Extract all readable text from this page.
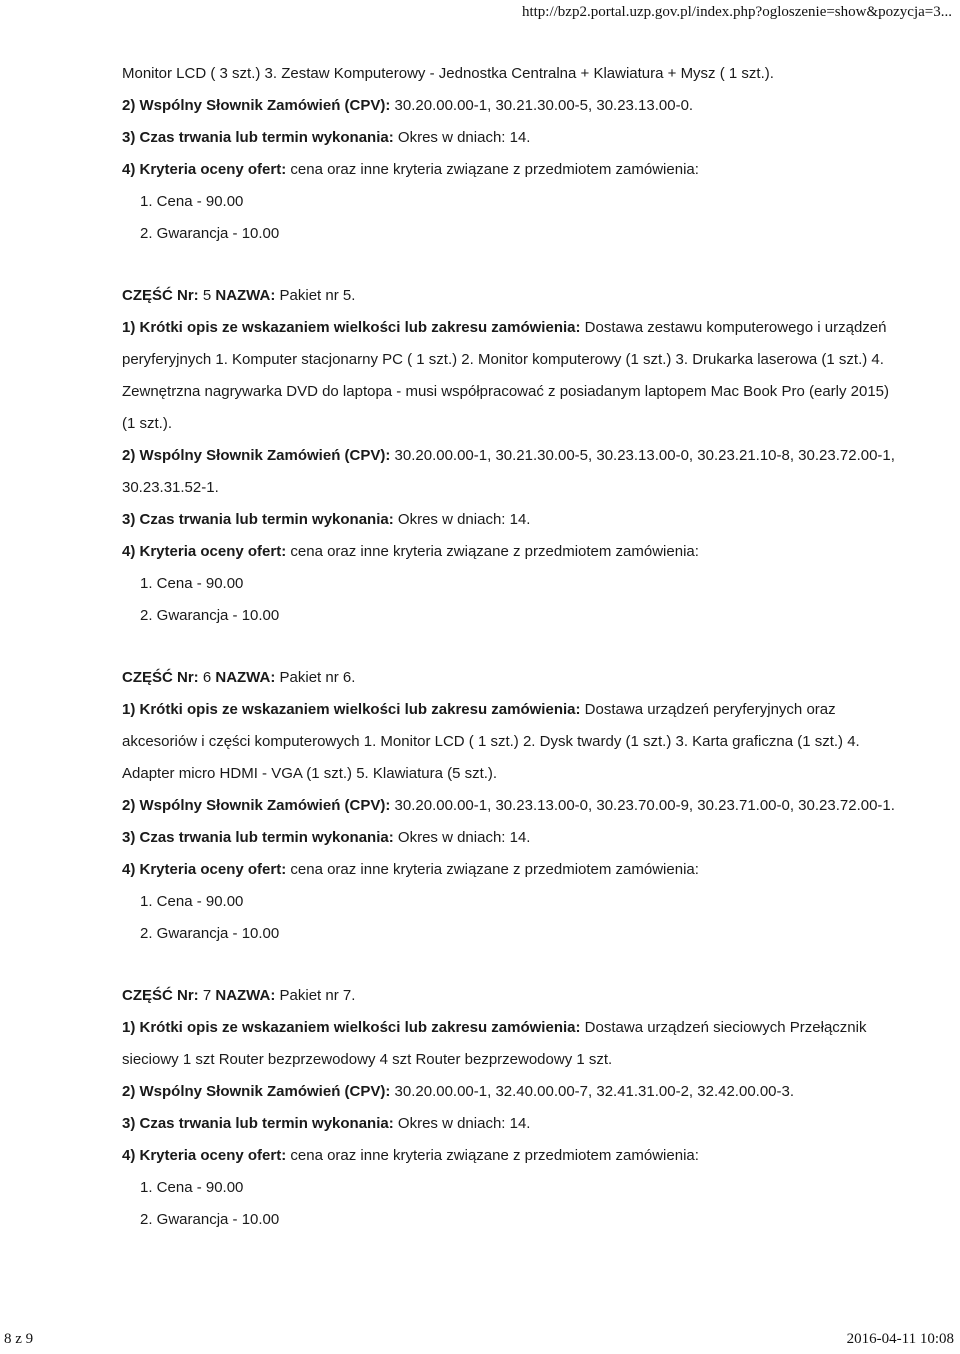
http://bzp2.portal.uzp.gov.pl/index.php?ogloszenie=show&pozycja=3...
Monitor LCD ( 3 szt.) 3. Zestaw Komputerowy - Jednostka Centralna + Klawiatura + Mysz ( 1 szt.).
2) Wspólny Słownik Zamówień (CPV): 30.20.00.00-1, 30.21.30.00-5, 30.23.13.00-0.
3) Czas trwania lub termin wykonania: Okres w dniach: 14.
4) Kryteria oceny ofert: cena oraz inne kryteria związane z przedmiotem zamówienia:
1. Cena - 90.00
2. Gwarancja - 10.00
CZĘŚĆ Nr: 5 NAZWA: Pakiet nr 5.
1) Krótki opis ze wskazaniem wielkości lub zakresu zamówienia: Dostawa zestawu komputerowego i urządzeń peryferyjnych 1. Komputer stacjonarny PC ( 1 szt.) 2. Monitor komputerowy (1 szt.) 3. Drukarka laserowa (1 szt.) 4. Zewnętrzna nagrywarka DVD do laptopa - musi współpracować z posiadanym laptopem Mac Book Pro (early 2015) (1 szt.).
2) Wspólny Słownik Zamówień (CPV): 30.20.00.00-1, 30.21.30.00-5, 30.23.13.00-0, 30.23.21.10-8, 30.23.72.00-1, 30.23.31.52-1.
3) Czas trwania lub termin wykonania: Okres w dniach: 14.
4) Kryteria oceny ofert: cena oraz inne kryteria związane z przedmiotem zamówienia:
1. Cena - 90.00
2. Gwarancja - 10.00
CZĘŚĆ Nr: 6 NAZWA: Pakiet nr 6.
1) Krótki opis ze wskazaniem wielkości lub zakresu zamówienia: Dostawa urządzeń peryferyjnych oraz akcesoriów i części komputerowych 1. Monitor LCD ( 1 szt.) 2. Dysk twardy (1 szt.) 3. Karta graficzna (1 szt.) 4. Adapter micro HDMI - VGA (1 szt.) 5. Klawiatura (5 szt.).
2) Wspólny Słownik Zamówień (CPV): 30.20.00.00-1, 30.23.13.00-0, 30.23.70.00-9, 30.23.71.00-0, 30.23.72.00-1.
3) Czas trwania lub termin wykonania: Okres w dniach: 14.
4) Kryteria oceny ofert: cena oraz inne kryteria związane z przedmiotem zamówienia:
1. Cena - 90.00
2. Gwarancja - 10.00
CZĘŚĆ Nr: 7 NAZWA: Pakiet nr 7.
1) Krótki opis ze wskazaniem wielkości lub zakresu zamówienia: Dostawa urządzeń sieciowych Przełącznik sieciowy 1 szt Router bezprzewodowy 4 szt Router bezprzewodowy 1 szt.
2) Wspólny Słownik Zamówień (CPV): 30.20.00.00-1, 32.40.00.00-7, 32.41.31.00-2, 32.42.00.00-3.
3) Czas trwania lub termin wykonania: Okres w dniach: 14.
4) Kryteria oceny ofert: cena oraz inne kryteria związane z przedmiotem zamówienia:
1. Cena - 90.00
2. Gwarancja - 10.00
8 z 9	2016-04-11 10:08
